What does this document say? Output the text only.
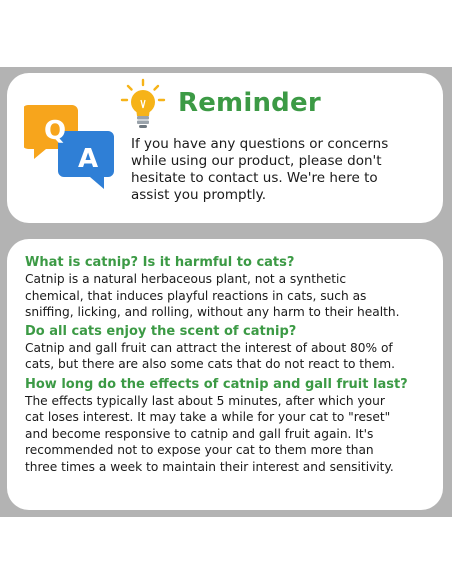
Q
A
Reminder
If you have any questions or concerns
while using our product, please don't
hesitate to contact us. We're here to
assist you promptly.

What is catnip? Is it harmful to cats?

Catnip is a natural herbaceous plant, not a synthetic
chemical, that induces playful reactions in cats, such as
sniffing, licking, and rolling, without any harm to their health.

Do all cats enjoy the scent of catnip?

Catnip and gall fruit can attract the interest of about 80% of
cats, but there are also some cats that do not react to them.

How long do the effects of catnip and gall fruit last?

The effects typically last about 5 minutes, after which your
cat loses interest. It may take a while for your cat to "reset"
and become responsive to catnip and gall fruit again. It's
recommended not to expose your cat to them more than
three times a week to maintain their interest and sensitivity.
